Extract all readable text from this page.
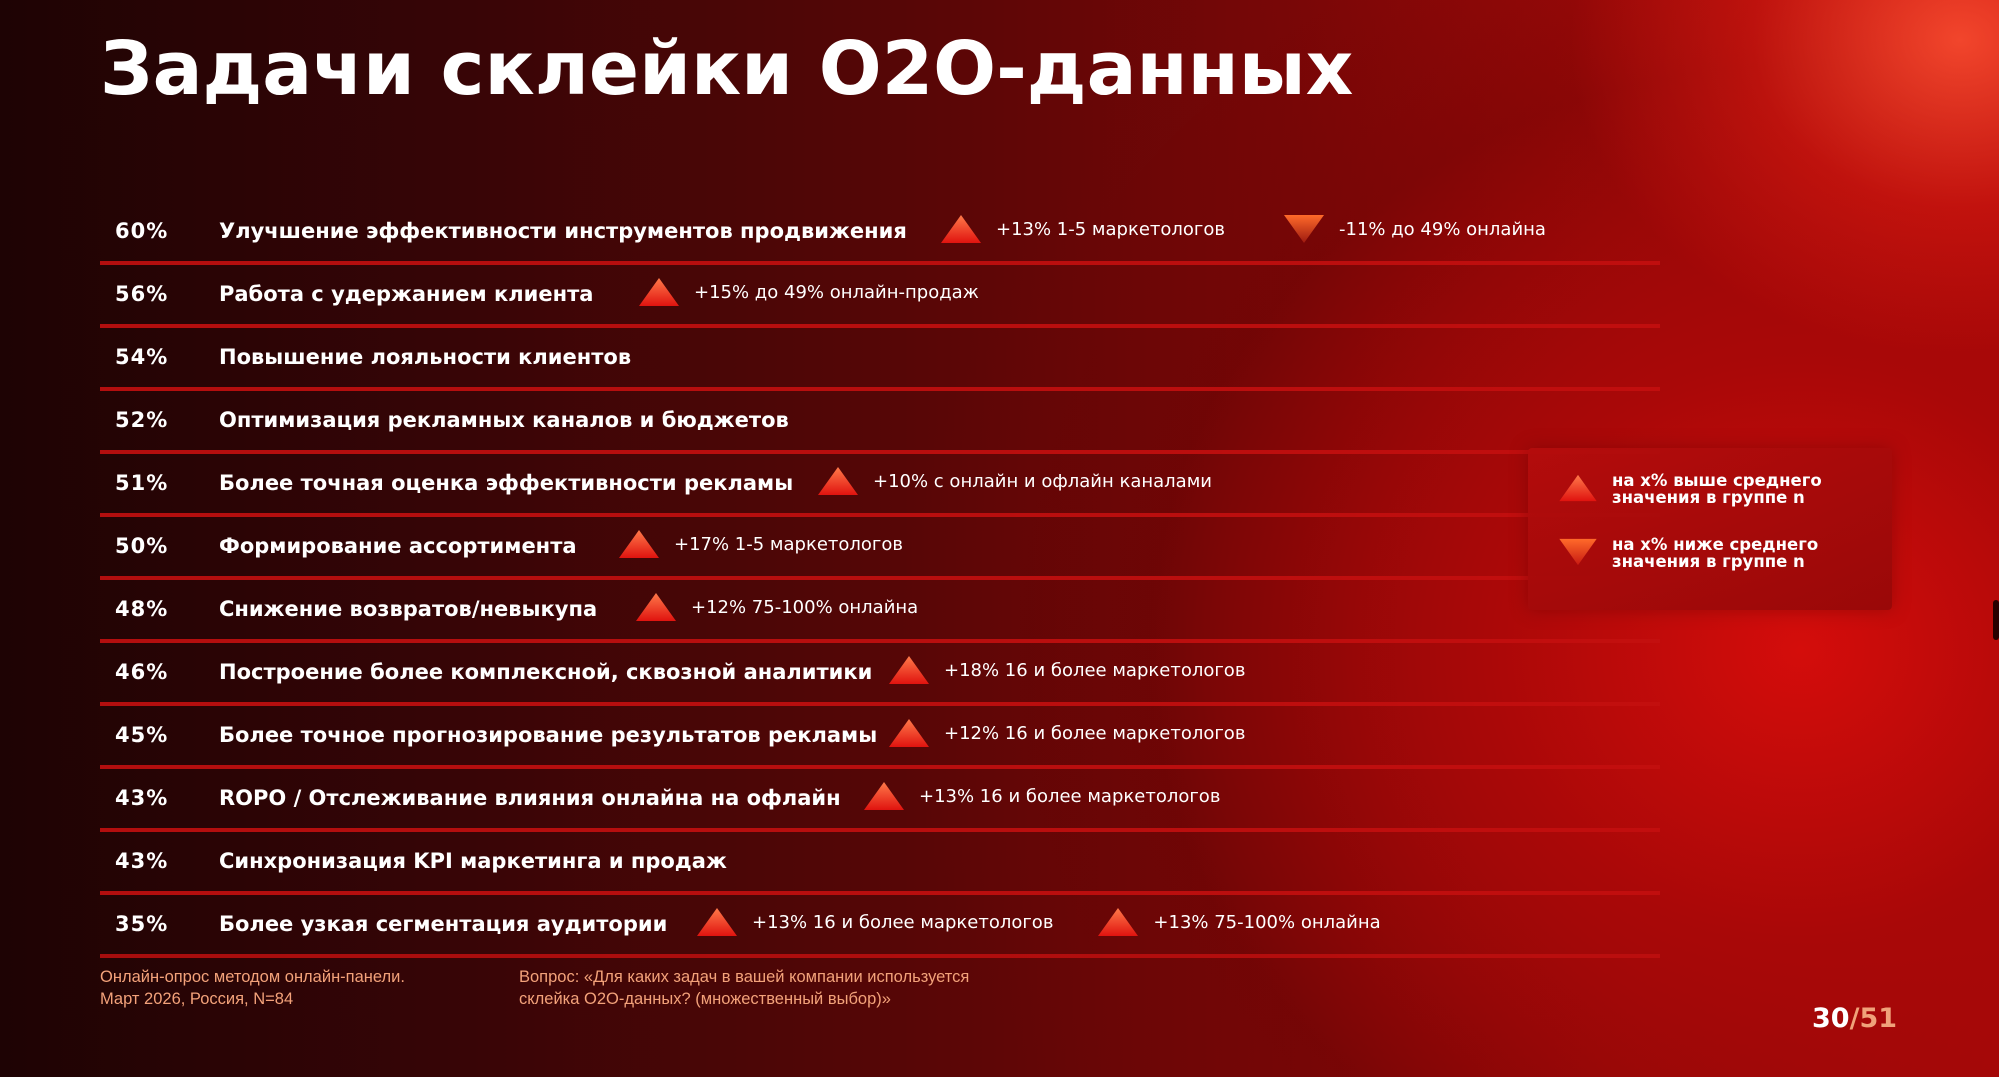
Задачи склейки О2О-данных
60% Улучшение эффективности инструментов продвижения	+13% 1-5 маркетологов	-11% до 49% онлайна
56% Работа с удержанием клиента	+15% до 49% онлайн-продаж
54% Повышение лояльности клиентов
52% Оптимизация рекламных каналов и бюджетов
51% Более точная оценка эффективности рекламы	+10% с онлайн и офлайн каналами
50% Формирование ассортимента	+17% 1-5 маркетологов
48% Снижение возвратов/невыкупа	+12% 75-100% онлайна
46% Построение более комплексной, сквозной аналитики	+18% 16 и более маркетологов
45% Более точное прогнозирование результатов рекламы	+12% 16 и более маркетологов
43% ROPO / Отслеживание влияния онлайна на офлайн	+13% 16 и более маркетологов
43% Синхронизация KPI маркетинга и продаж
35% Более узкая сегментация аудитории	+13% 16 и более маркетологов	+13% 75-100% онлайна
на х% выше среднего значения в группе n
на х% ниже среднего значения в группе n
Онлайн-опрос методом онлайн-панели.
Март 2026, Россия, N=84
Вопрос: «Для каких задач в вашей компании используется
склейка О2О-данных? (множественный выбор)»
30/51
